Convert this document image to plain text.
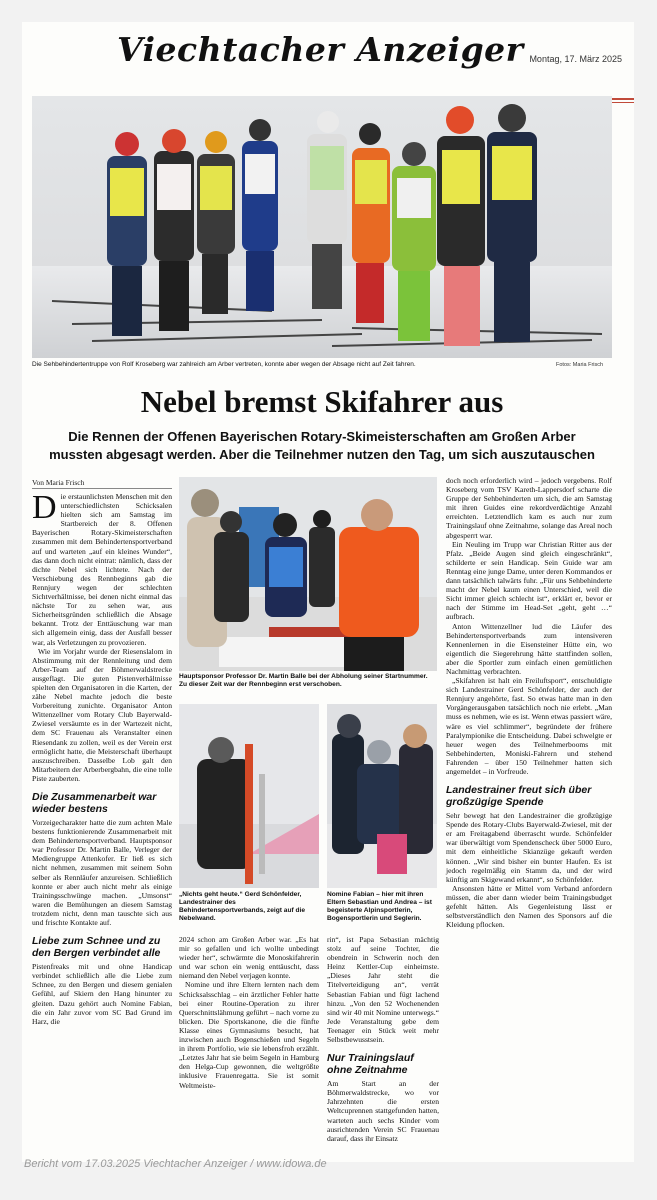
Viechtacher Anzeiger Montag, 17. März 2025
Die Sehbehindertentruppe von Rolf Kroseberg war zahlreich am Arber vertreten, konnte aber wegen der Absage nicht auf Zeit fahren.	Fotos: Maria Frisch
Nebel bremst Skifahrer aus
Die Rennen der Offenen Bayerischen Rotary-Skimeisterschaften am Großen Arber mussten abgesagt werden. Aber die Teilnehmer nutzen den Tag, um sich auszutauschen
Von Maria Frisch

Die erstaunlichsten Menschen mit den unterschiedlichsten Schicksalen hielten sich am Samstag im Startbereich der 8. Offenen Bayerischen Rotary-Skimeisterschaften zusammen mit dem Behindertensportverband auf und warteten „auf ein kleines Wunder“, das dann doch nicht eintrat: nämlich, dass der dichte Nebel sich lichtete. Nach der Verschiebung des Rennbeginns gab die Rennjury wegen der schlechten Sichtverhältnisse, bei denen nicht einmal das nächste Tor zu sehen war, aus Sicherheitsgründen schließlich die Absage bekannt. Trotz der Enttäuschung war man sich allgemein einig, dass der Ausfall besser war, als Verletzungen zu provozieren.

Wie im Vorjahr wurde der Riesenslalom in Abstimmung mit der Rennleitung und dem Arber-Team auf der Böhmerwaldstrecke ausgeflagt. Die guten Pistenverhältnisse spielten den Organisatoren in die Karten, der zähe Nebel machte jedoch die beste Vorbereitung zunichte. Organisator Anton Wittenzellner vom Rotary Club Bayerwald-Zwiesel versäumte es in der Wartezeit nicht, dem SC Frauenau als Veranstalter einen Riesendank zu zollen, weil es der Verein erst ermöglicht hatte, die Meisterschaft überhaupt auszuschreiben. Dasselbe Lob galt den Mitarbeitern der Arberbergbahn, die eine tolle Piste zauberten.

Die Zusammenarbeit war wieder bestens

Vorzeigecharakter hatte die zum achten Male bestens funktionierende Zusammenarbeit mit dem Behindertensportverband. Hauptsponsor war Professor Dr. Martin Balle, Verleger der Mediengruppe Attenkofer. Er ließ es sich nicht nehmen, zusammen mit seinem Sohn selber als Rennläufer anzureisen. Schließlich konnte er aber auch nicht mehr als einige Trainingsschwünge machen. „Umsonst“ waren die Bemühungen an diesem Samstag trotzdem nicht, denn man tauschte sich aus und frischte Kontakte auf.

Liebe zum Schnee und zu den Bergen verbindet alle

Pistenfreaks mit und ohne Handicap verbindet schließlich alle die Liebe zum Schnee, zu den Bergen und diesem genialen Gefühl, auf Skiern den Hang hinunter zu gleiten. Dazu gehört auch Nomine Fabian, die ein Jahr zuvor vom SC Bad Grund im Harz, die

Hauptsponsor Professor Dr. Martin Balle bei der Abholung seiner Startnummer. Zu dieser Zeit war der Rennbeginn erst verschoben.
„Nichts geht heute.“ Gerd Schönfelder, Landestrainer des Behindertensportverbands, zeigt auf die Nebelwand.
Nomine Fabian – hier mit ihren Eltern Sebastian und Andrea – ist begeisterte Alpinsportlerin, Bogensportlerin und Seglerin.

2024 schon am Großen Arber war. „Es hat mir so gefallen und ich wollte unbedingt wieder her“, schwärmte die Monoskifahrerin und war schon ein wenig enttäuscht, dass niemand den Nebel verjagen konnte.

Nomine und ihre Eltern lernten nach dem Schicksalsschlag – ein ärztlicher Fehler hatte bei einer Routine-Operation zu ihrer Querschnittslähmung geführt – nach vorne zu blicken. Die Sportskanone, die die fünfte Klasse eines Gymnasiums besucht, hat inzwischen auch Bogenschießen und Segeln in ihrem Portfolio, wie sie lebensfroh erzählt. „Letztes Jahr hat sie beim Segeln in Hamburg den Helga-Cup gewonnen, die weltgrößte inklusive Frauenregatta. Sie ist somit Weltmeiste-

rin“, ist Papa Sebastian mächtig stolz auf seine Tochter, die obendrein in Schwerin noch den Heinz Kettler-Cup einheimste. „Dieses Jahr steht die Titelverteidigung an“, verrät Sebastian Fabian und fügt lachend hinzu. „Von den 52 Wochenenden sind wir 40 mit Nomine unterwegs.“ Jede Veranstaltung gebe dem Teenager ein Stück weit mehr Selbstbewusstsein.

Nur Trainingslauf ohne Zeitnahme

Am Start an der Böhmerwaldstrecke, wo vor Jahrzehnten die ersten Weltcuprennen stattgefunden hatten, warteten auch sechs Kinder vom ausrichtenden Verein SC Frauenau darauf, dass ihr Einsatz

doch noch erforderlich wird – jedoch vergebens. Rolf Kroseberg vom TSV Kareth-Lappersdorf scharte die Gruppe der Sehbehinderten um sich, die am Samstag mit ihren Guides eine rekordverdächtige Anzahl erreichten. Letztendlich kam es auch nur zum Trainingslauf ohne Zeitnahme, solange das Areal noch abgesperrt war.

Ein Neuling im Trupp war Christian Ritter aus der Pfalz. „Beide Augen sind gleich eingeschränkt“, schilderte er sein Handicap. Sein Guide war am Renntag eine junge Dame, unter deren Kommandos er dann tatsächlich talwärts fuhr. „Für uns Sehbehinderte macht der Nebel kaum einen Unterschied, weil die Sicht immer gleich schlecht ist“, erklärt er, bevor er nach der Stimme im Head-Set „geht, geht …“ aufbrach.

Anton Wittenzellner lud die Läufer des Behindertensportverbands zum intensiveren Kennenlernen in die Eisensteiner Hütte ein, wo eigentlich die Siegerehrung hätte stattfinden sollen, aber die Sportler zum einfach einen gemütlichen Nachmittag verbrachten.

„Skifahren ist halt ein Freiluftsport“, entschuldigte sich Landestrainer Gerd Schönfelder, der auch der Rennjury angehörte, fast. So etwas hatte man in den Vorgängerausgaben tatsächlich noch nie erlebt. „Man muss es nehmen, wie es ist. Wenn etwas passiert wäre, wäre es viel schlimmer“, begründete der frühere Paralympionike die Entscheidung. Dabei schwelgte er heuer wegen des Teilnehmerbooms mit Sehbehinderten, Moniski-Fahrern und stehend Fahrenden – über 150 Teilnehmer hatten sich angemeldet – in Vorfreude.

Landestrainer freut sich über großzügige Spende

Sehr bewegt hat den Landestrainer die großzügige Spende des Rotary-Clubs Bayerwald-Zwiesel, mit der er am Freitagabend überrascht wurde. Schönfelder war überwältigt vom Spendenscheck über 5000 Euro, mit dem einheitliche Skianzüge gekauft werden können. „Wir sind bisher ein bunter Haufen. Es ist jedoch regelmäßig ein Stamm da, und der wird künftig am Skigewand erkannt“, so Schönfelder.

Ansonsten hätte er Mittel vom Verband anfordern müssen, die aber dann wieder beim Trainingsbudget gefehlt hätten. Als Gegenleistung lässt er selbstverständlich den Namen des Sponsors auf die Kleidung pflocken.

Bericht vom 17.03.2025 Viechtacher Anzeiger / www.idowa.de
